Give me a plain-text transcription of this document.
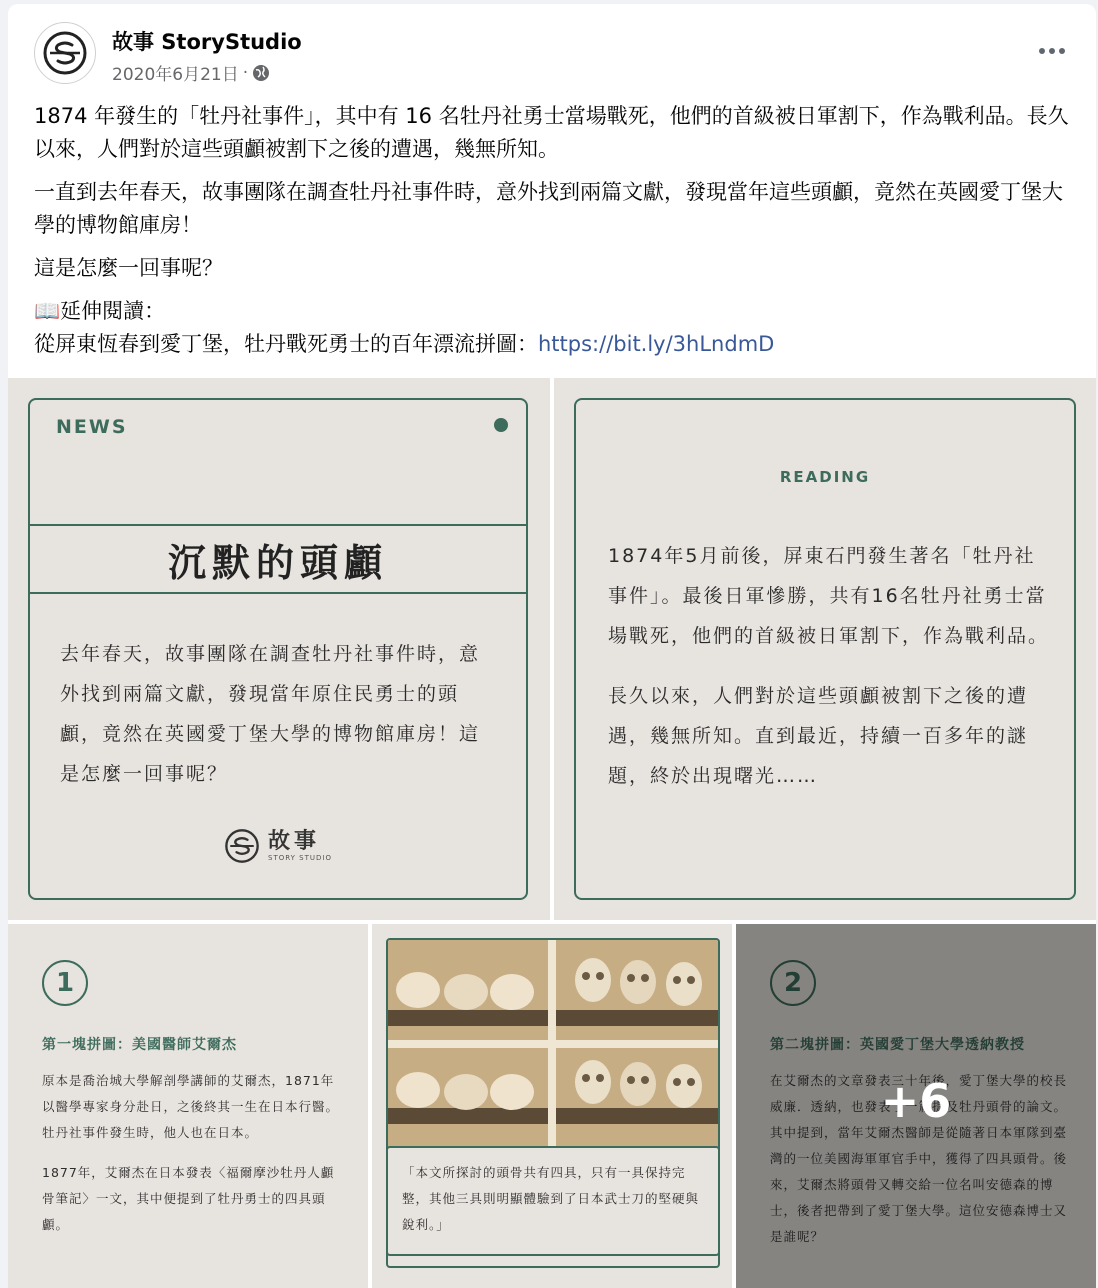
故事 StoryStudio
2020年6月21日 ·

1874 年發生的「牡丹社事件」，其中有 16 名牡丹社勇士當場戰死，他們的首級被日軍割下，作為戰利品。長久以來，人們對於這些頭顱被割下之後的遭遇，幾無所知。

一直到去年春天，故事團隊在調查牡丹社事件時，意外找到兩篇文獻，發現當年這些頭顱，竟然在英國愛丁堡大學的博物館庫房！

這是怎麼一回事呢？

📖延伸閱讀：
從屏東恆春到愛丁堡，牡丹戰死勇士的百年漂流拼圖：https://bit.ly/3hLndmD
NEWS
沉默的頭顱
去年春天，故事團隊在調查牡丹社事件時，意外找到兩篇文獻，發現當年原住民勇士的頭顱，竟然在英國愛丁堡大學的博物館庫房！這是怎麼一回事呢？
故事
STORY STUDIO
READING

1874年5月前後，屏東石門發生著名「牡丹社事件」。最後日軍慘勝，共有16名牡丹社勇士當場戰死，他們的首級被日軍割下，作為戰利品。

長久以來，人們對於這些頭顱被割下之後的遭遇，幾無所知。直到最近，持續一百多年的謎題，終於出現曙光……

1
第一塊拼圖：美國醫師艾爾杰

原本是喬治城大學解剖學講師的艾爾杰，1871年以醫學專家身分赴日，之後終其一生在日本行醫。牡丹社事件發生時，他人也在日本。

1877年，艾爾杰在日本發表〈福爾摩沙牡丹人顱骨筆記〉一文，其中便提到了牡丹勇士的四具頭顱。

「本文所探討的頭骨共有四具，只有一具保持完整，其他三具則明顯體驗到了日本武士刀的堅硬與銳利。」
2
第二塊拼圖：英國愛丁堡大學透納教授

在艾爾杰的文章發表三十年後，愛丁堡大學的校長威廉．透納，也發表了一篇提及牡丹頭骨的論文。其中提到，當年艾爾杰醫師是從隨著日本軍隊到臺灣的一位美國海軍軍官手中，獲得了四具頭骨。後來，艾爾杰將頭骨又轉交給一位名叫安德森的博士，後者把帶到了愛丁堡大學。這位安德森博士又是誰呢？

+6
